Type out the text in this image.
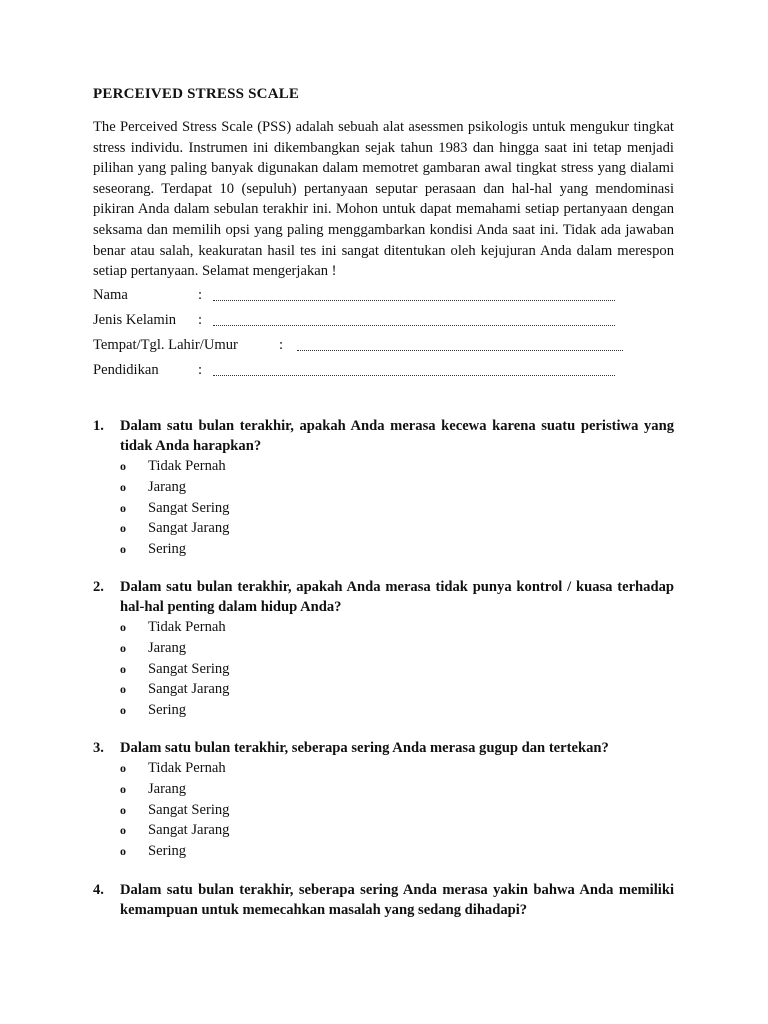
PERCEIVED STRESS SCALE
The Perceived Stress Scale (PSS) adalah sebuah alat asessmen psikologis untuk mengukur tingkat stress individu. Instrumen ini dikembangkan sejak tahun 1983 dan hingga saat ini tetap menjadi pilihan yang paling banyak digunakan dalam memotret gambaran awal tingkat stress yang dialami seseorang. Terdapat 10 (sepuluh) pertanyaan seputar perasaan dan hal-hal yang mendominasi pikiran Anda dalam sebulan terakhir ini. Mohon untuk dapat memahami setiap pertanyaan dengan seksama dan memilih opsi yang paling menggambarkan kondisi Anda saat ini. Tidak ada jawaban benar atau salah, keakuratan hasil tes ini sangat ditentukan oleh kejujuran Anda dalam merespon setiap pertanyaan. Selamat mengerjakan !
Nama	:
Jenis Kelamin :
Tempat/Tgl. Lahir/Umur	:
Pendidikan	:
1. Dalam satu bulan terakhir, apakah Anda merasa kecewa karena suatu peristiwa yang tidak Anda harapkan?
o Tidak Pernah
o Jarang
o Sangat Sering
o Sangat Jarang
o Sering
2. Dalam satu bulan terakhir, apakah Anda merasa tidak punya kontrol / kuasa terhadap hal-hal penting dalam hidup Anda?
o Tidak Pernah
o Jarang
o Sangat Sering
o Sangat Jarang
o Sering
3. Dalam satu bulan terakhir, seberapa sering Anda merasa gugup dan tertekan?
o Tidak Pernah
o Jarang
o Sangat Sering
o Sangat Jarang
o Sering
4. Dalam satu bulan terakhir, seberapa sering Anda merasa yakin bahwa Anda memiliki kemampuan untuk memecahkan masalah yang sedang dihadapi?
